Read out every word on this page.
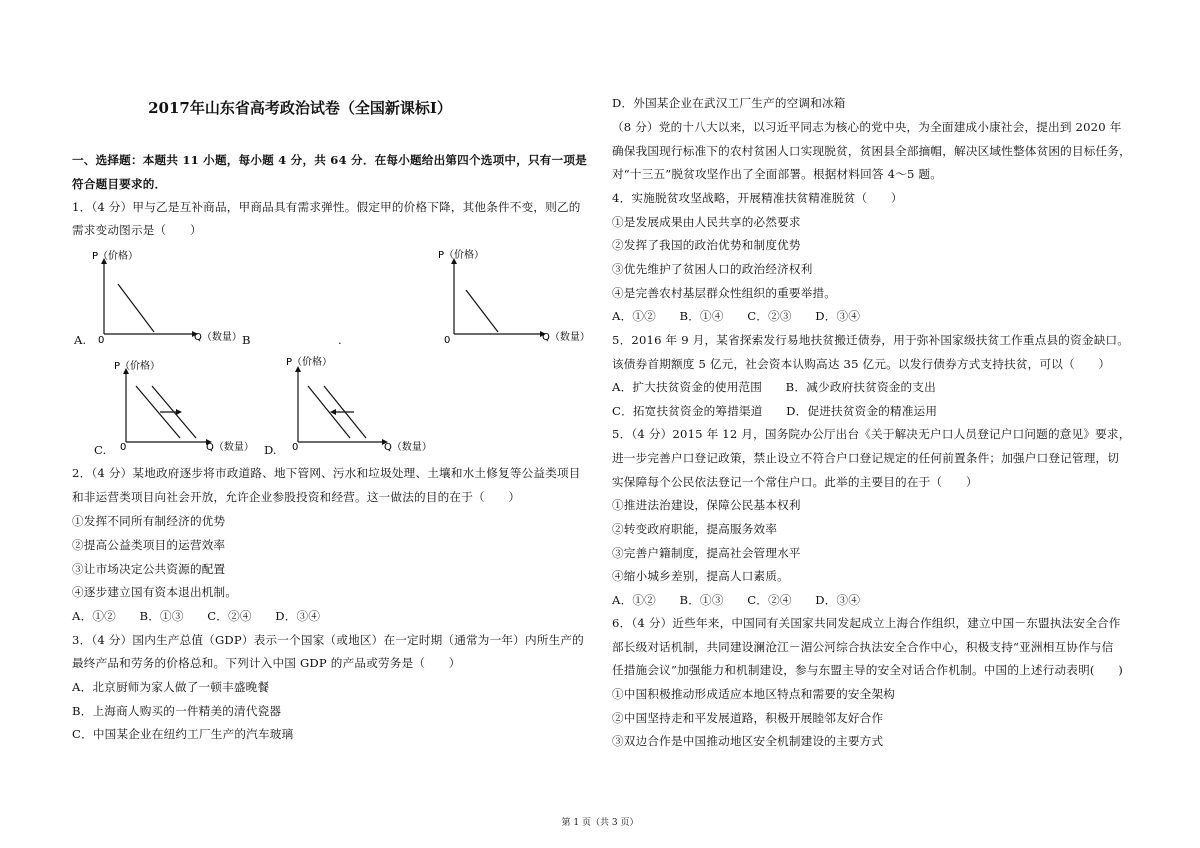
2017年山东省高考政治试卷（全国新课标Ⅰ）
一、选择题：本题共 11 小题，每小题 4 分，共 64 分．在每小题给出第四个选项中，只有一项是
符合题目要求的．
1．（4 分）甲与乙是互补商品，甲商品具有需求弹性。假定甲的价格下降，其他条件不变，则乙的
需求变动图示是（　　）
P（价格）
0	Q（数量）
A.	B
P（价格）
0	Q（数量）
.
P（价格）
0	Q（数量）
C.
P（价格）
0	Q（数量）
D.
2．（4 分）某地政府逐步将市政道路、地下管网、污水和垃圾处理、土壤和水土修复等公益类项目
和非运营类项目向社会开放，允许企业参股投资和经营。这一做法的目的在于（　　）
①发挥不同所有制经济的优势
②提高公益类项目的运营效率
③让市场决定公共资源的配置
④逐步建立国有资本退出机制。
A．①②　　B．①③　　C．②④　　D．③④
3．（4 分）国内生产总值（GDP）表示一个国家（或地区）在一定时期（通常为一年）内所生产的
最终产品和劳务的价格总和。下列计入中国 GDP 的产品或劳务是（　　）
A．北京厨师为家人做了一顿丰盛晚餐
B．上海商人购买的一件精美的清代瓷器
C．中国某企业在纽约工厂生产的汽车玻璃
D．外国某企业在武汉工厂生产的空调和冰箱
（8 分）党的十八大以来，以习近平同志为核心的党中央，为全面建成小康社会，提出到 2020 年
确保我国现行标准下的农村贫困人口实现脱贫，贫困县全部摘帽，解决区域性整体贫困的目标任务，
对“十三五”脱贫攻坚作出了全面部署。根据材料回答 4～5 题。
4．实施脱贫攻坚战略，开展精准扶贫精准脱贫（　　）
①是发展成果由人民共享的必然要求
②发挥了我国的政治优势和制度优势
③优先维护了贫困人口的政治经济权利
④是完善农村基层群众性组织的重要举措。
A．①②　　B．①④　　C．②③　　D．③④
5．2016 年 9 月，某省探索发行易地扶贫搬迁债券，用于弥补国家级扶贫工作重点县的资金缺口。
该债券首期额度 5 亿元，社会资本认购高达 35 亿元。以发行债券方式支持扶贫，可以（　　）
A．扩大扶贫资金的使用范围　　B．减少政府扶贫资金的支出
C．拓宽扶贫资金的筹措渠道　　D．促进扶贫资金的精准运用
5．（4 分）2015 年 12 月，国务院办公厅出台《关于解决无户口人员登记户口问题的意见》要求，
进一步完善户口登记政策，禁止设立不符合户口登记规定的任何前置条件；加强户口登记管理，切
实保障每个公民依法登记一个常住户口。此举的主要目的在于（　　）
①推进法治建设，保障公民基本权利
②转变政府职能，提高服务效率
③完善户籍制度，提高社会管理水平
④缩小城乡差别，提高人口素质。
A．①②　　B．①③　　C．②④　　D．③④
6．（4 分）近些年来，中国同有关国家共同发起成立上海合作组织，建立中国－东盟执法安全合作
部长级对话机制，共同建设澜沧江－湄公河综合执法安全合作中心，积极支持“亚洲相互协作与信
任措施会议”加强能力和机制建设，参与东盟主导的安全对话合作机制。中国的上述行动表明(　　)
①中国积极推动形成适应本地区特点和需要的安全架构
②中国坚持走和平发展道路，积极开展睦邻友好合作
③双边合作是中国推动地区安全机制建设的主要方式
第 1 页（共 3 页）
